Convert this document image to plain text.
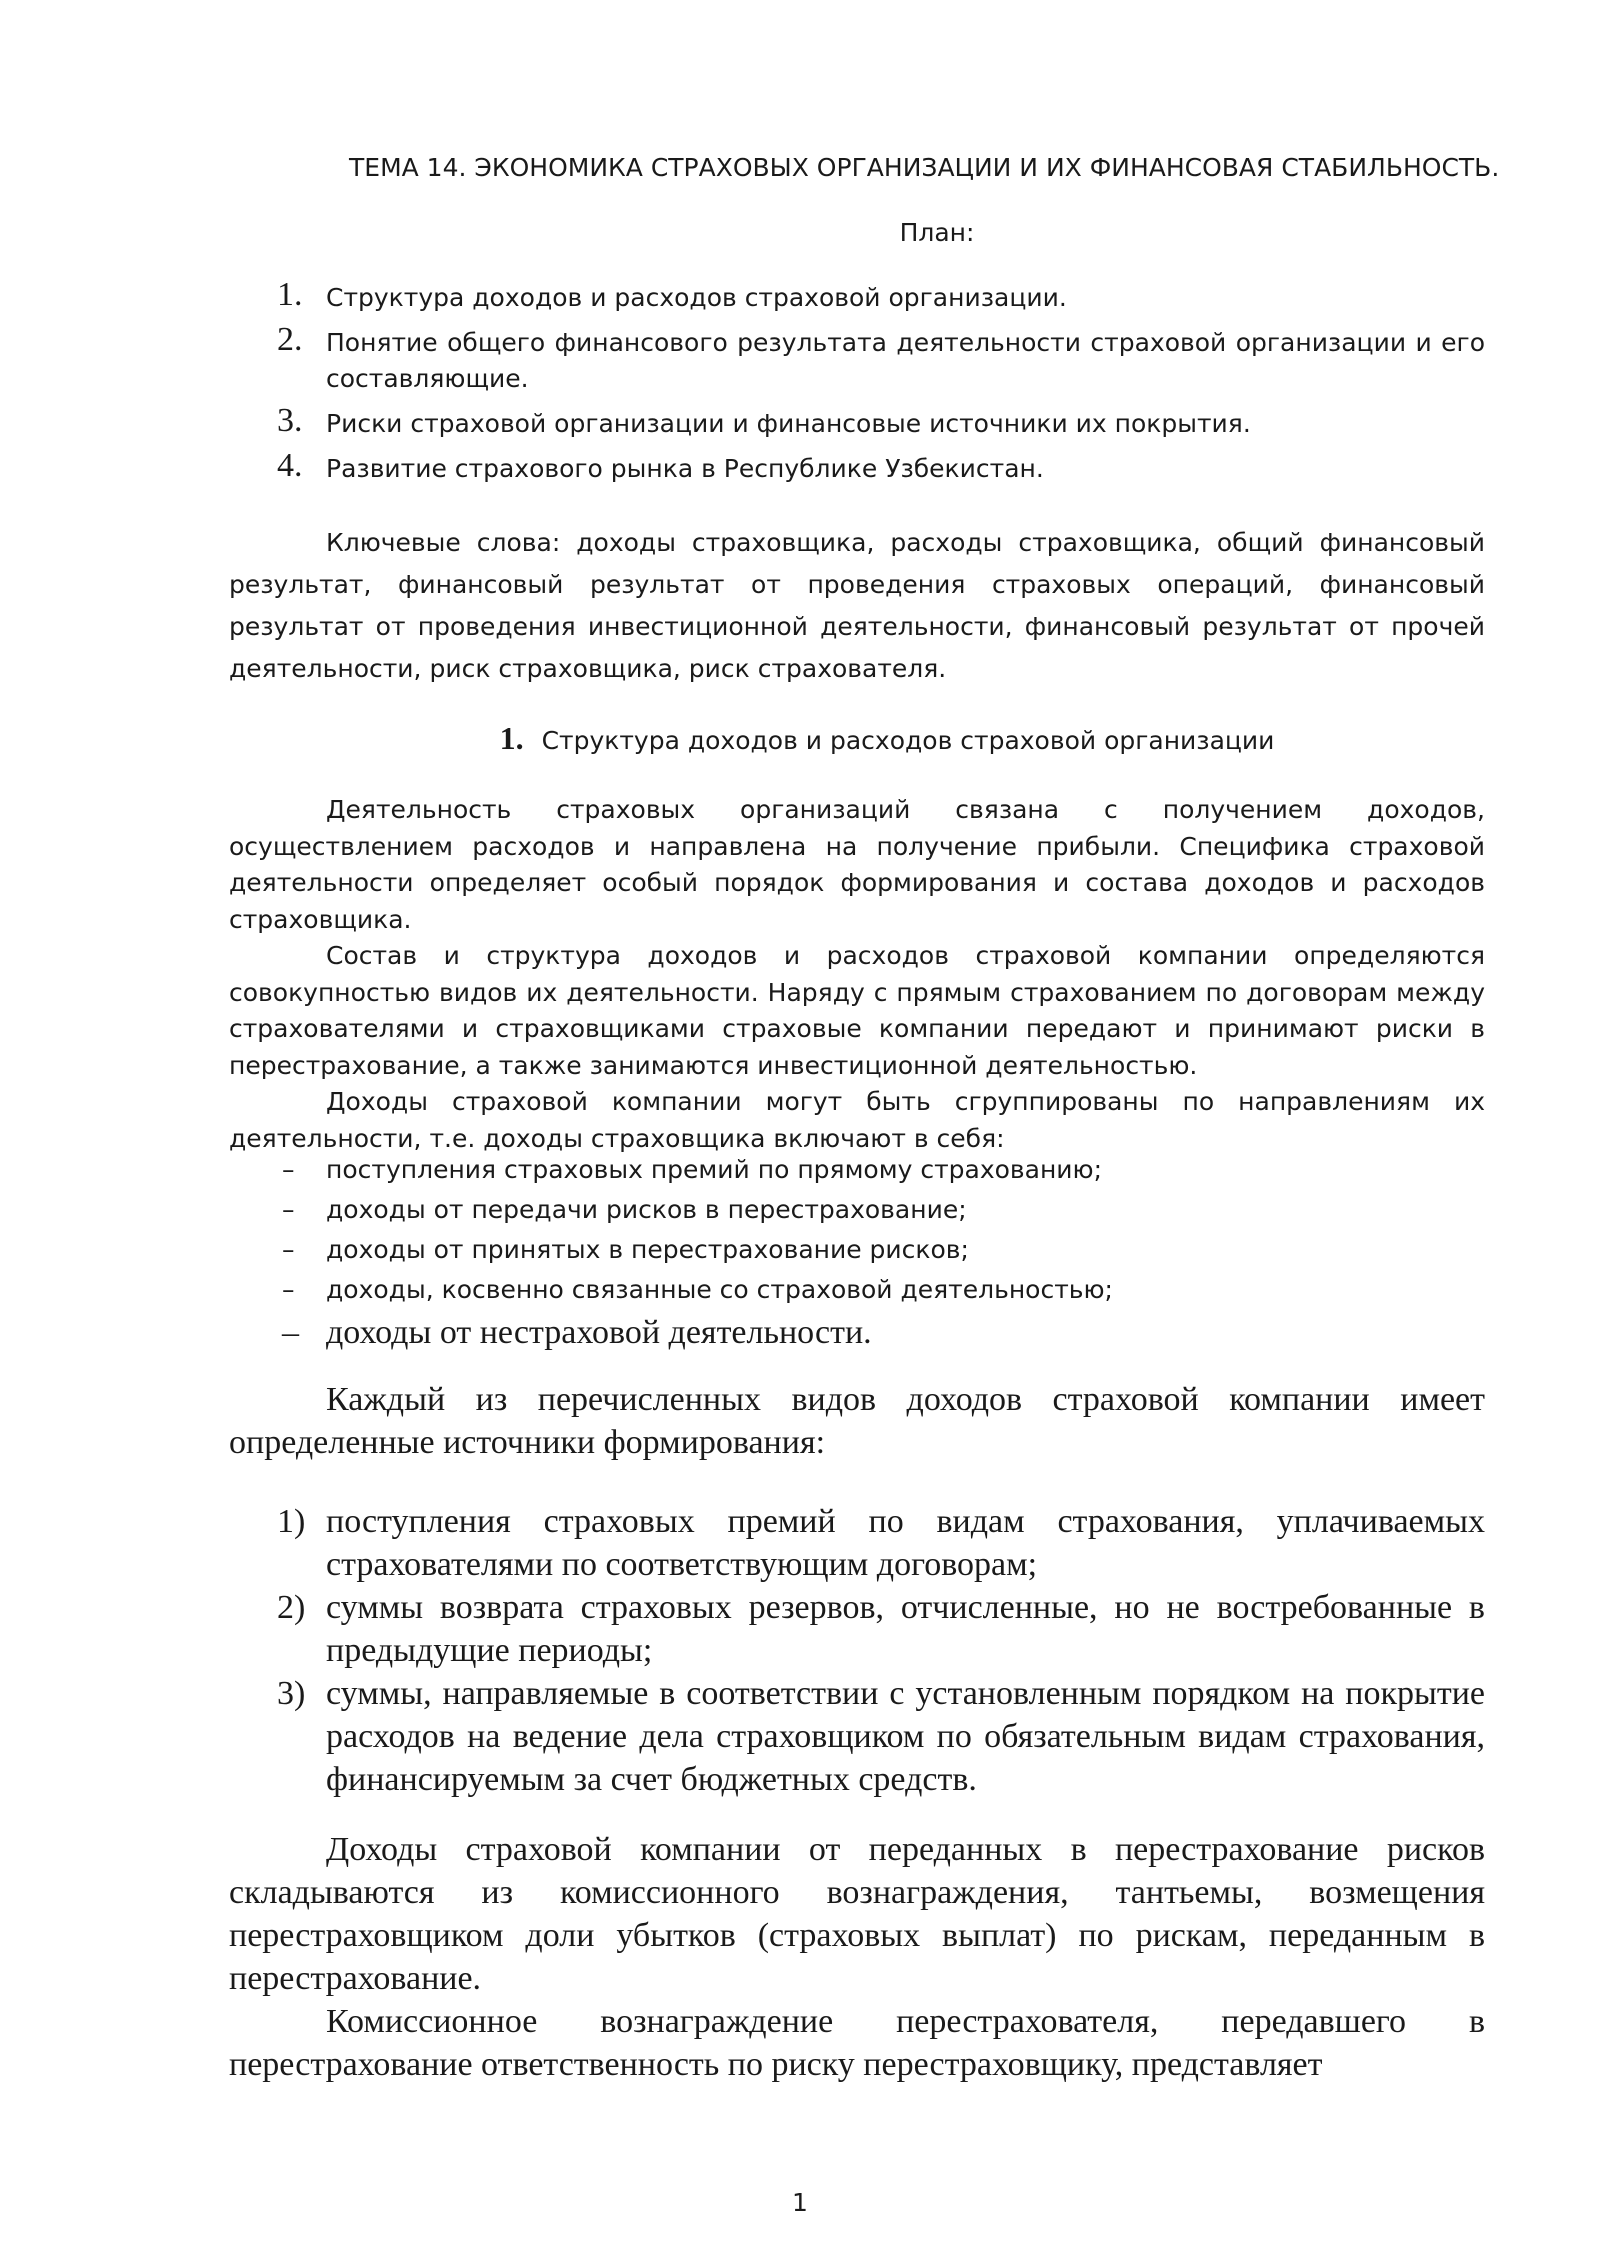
ТЕМА 14. ЭКОНОМИКА СТРАХОВЫХ ОРГАНИЗАЦИИ И ИХ ФИНАНСОВАЯ СТАБИЛЬНОСТЬ.
План:
1. Структура доходов и расходов страховой организации.
2. Понятие общего финансового результата деятельности страховой организации и его составляющие.
3. Риски страховой организации и финансовые источники их покрытия.
4. Развитие страхового рынка в Республике Узбекистан.

Ключевые слова: доходы страховщика, расходы страховщика, общий финансовый результат, финансовый результат от проведения страховых операций, финансовый результат от проведения инвестиционной деятельности, финансовый результат от прочей деятельности, риск страховщика, риск страхователя.

1. Структура доходов и расходов страховой организации

Деятельность страховых организаций связана с получением доходов, осуществлением расходов и направлена на получение прибыли. Специфика страховой деятельности определяет особый порядок формирования и состава доходов и расходов страховщика.

Состав и структура доходов и расходов страховой компании определяются совокупностью видов их деятельности. Наряду с прямым страхованием по договорам между страхователями и страховщиками страховые компании передают и принимают риски в перестрахование, а также занимаются инвестиционной деятельностью.

Доходы страховой компании могут быть сгруппированы по направлениям их деятельности, т.е. доходы страховщика включают в себя:

– поступления страховых премий по прямому страхованию;
– доходы от передачи рисков в перестрахование;
– доходы от принятых в перестрахование рисков;
– доходы, косвенно связанные со страховой деятельностью;
– доходы от нестраховой деятельности.

Каждый из перечисленных видов доходов страховой компании имеет определенные источники формирования:

1) поступления страховых премий по видам страхования, уплачиваемых страхователями по соответствующим договорам;
2) суммы возврата страховых резервов, отчисленные, но не востребованные в предыдущие периоды;
3) суммы, направляемые в соответствии с установленным порядком на покрытие расходов на ведение дела страховщиком по обязательным видам страхования, финансируемым за счет бюджетных средств.

Доходы страховой компании от переданных в перестрахование рисков складываются из комиссионного вознаграждения, тантьемы, возмещения перестраховщиком доли убытков (страховых выплат) по рискам, переданным в перестрахование.

Комиссионное вознаграждение перестрахователя, передавшего в перестрахование ответственность по риску перестраховщику, представляет

1
